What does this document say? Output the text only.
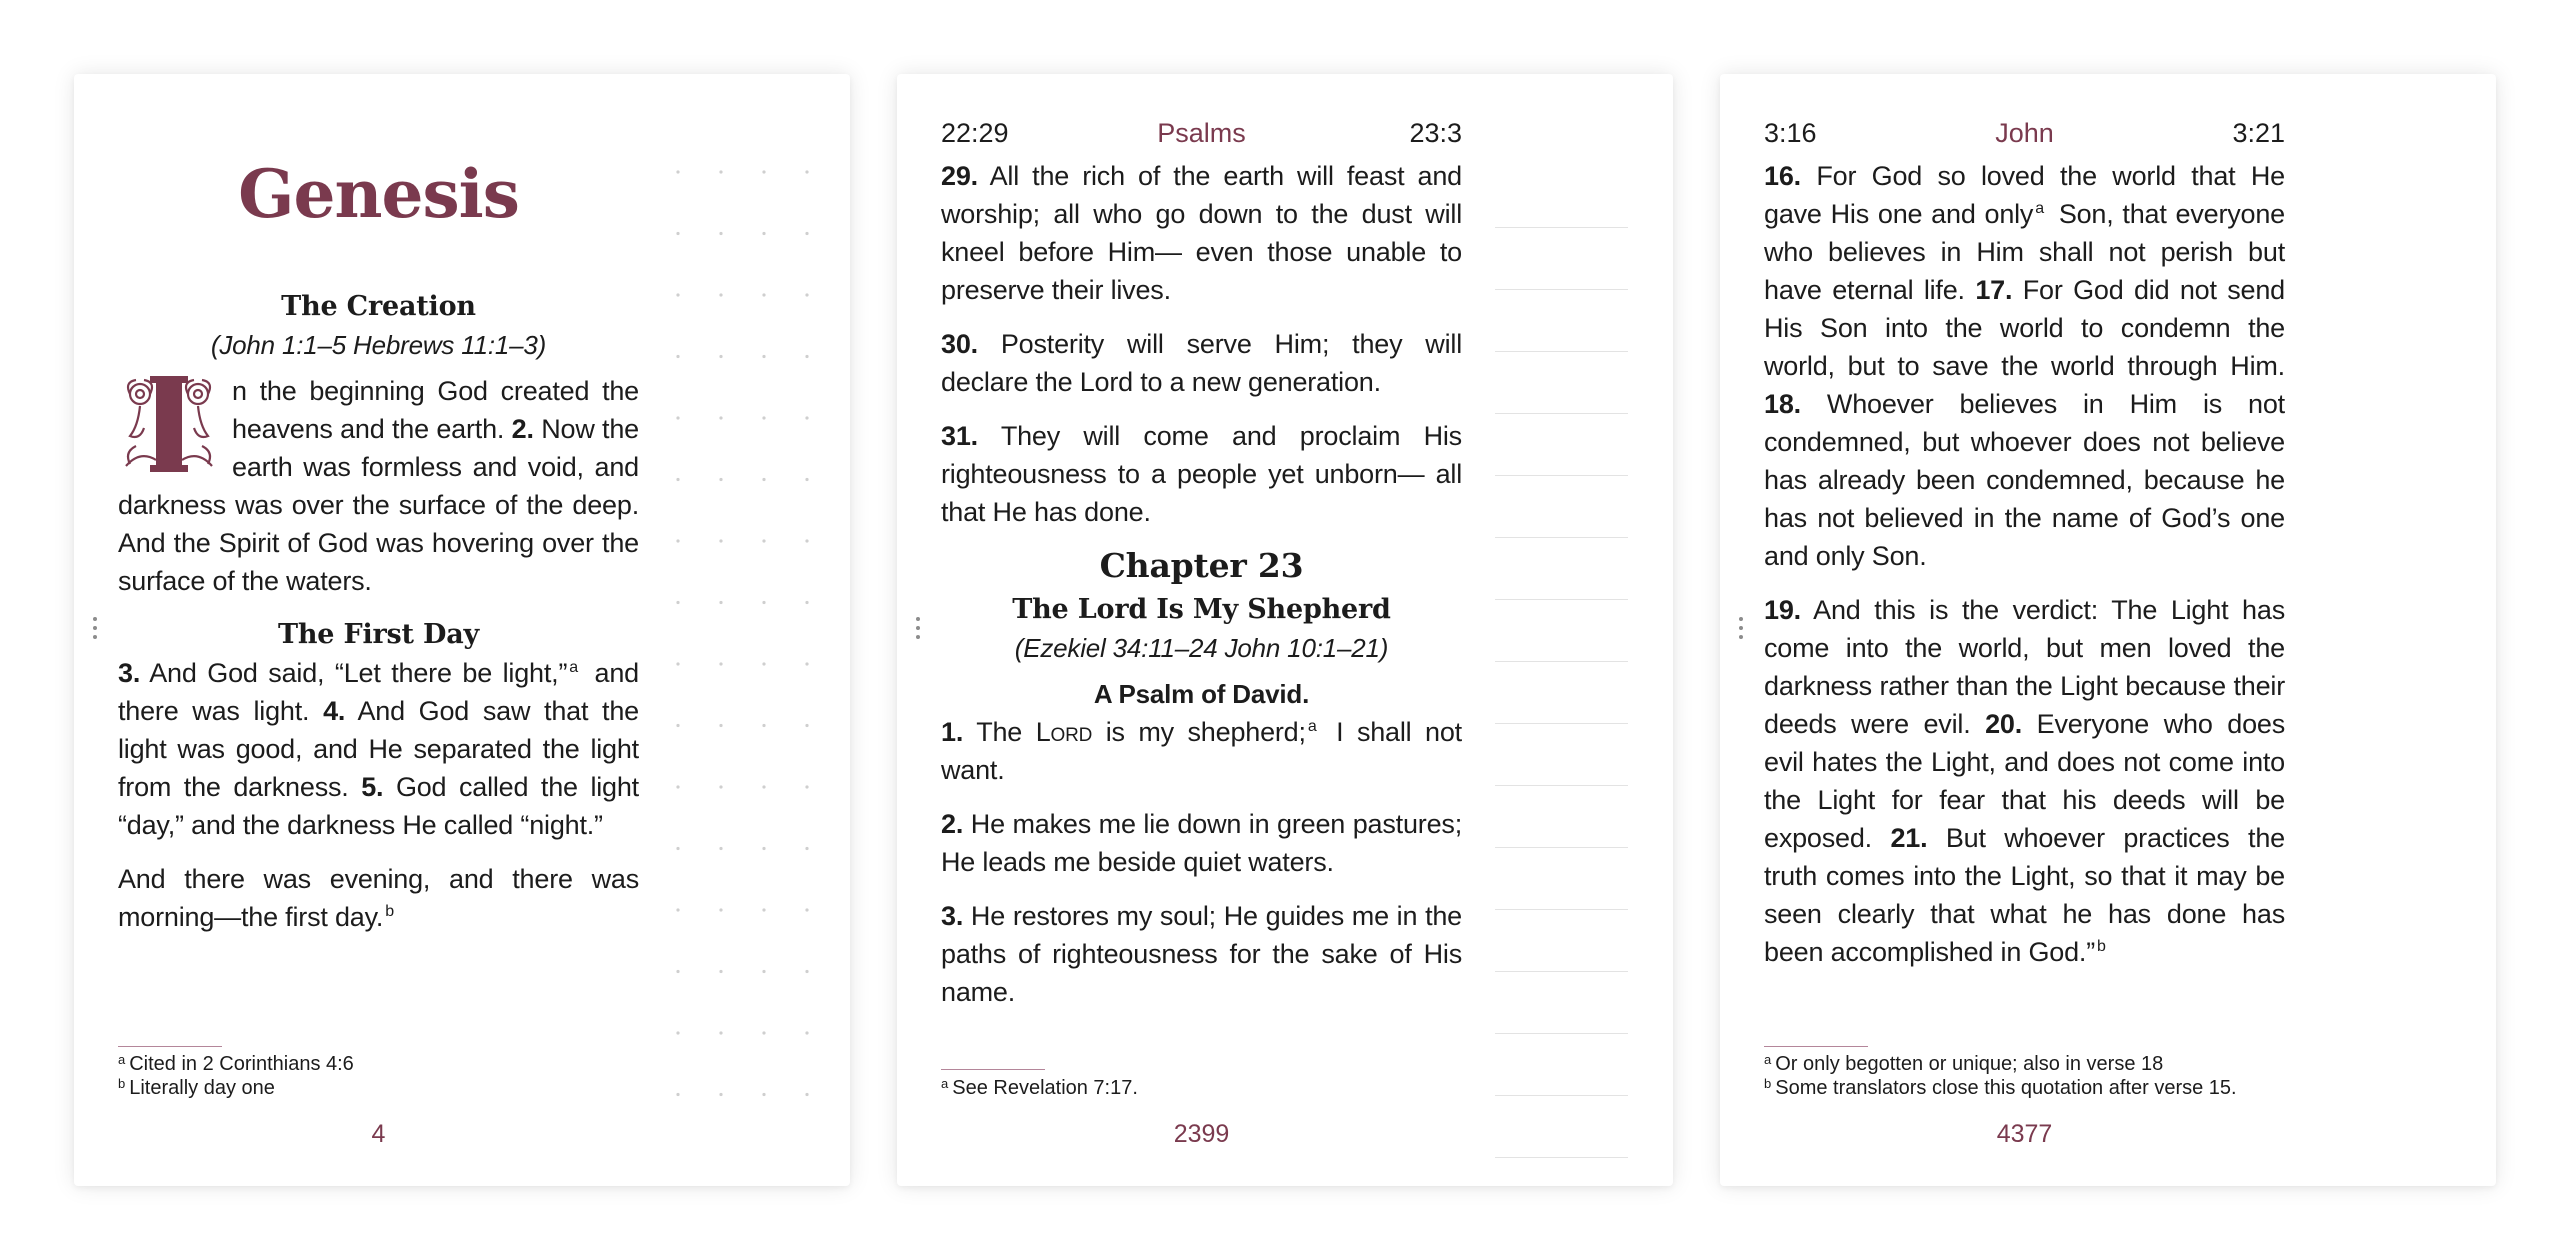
Genesis
The Creation
(John 1:1–5 Hebrews 11:1–3)

n the beginning God created the heavens and the earth. 2. Now the earth was formless and void, and darkness was over the surface of the deep. And the Spirit of God was hovering over the surface of the waters.

The First Day

3. And God said, “Let there be light,” $^a$ and there was light. 4. And God saw that the light was good, and He separated the light from the darkness. 5. God called the light “day,” and the darkness He called “night.”

And there was evening, and there was morning—the first day. $^b$

$^a$ Cited in 2 Corinthians 4:6
$^b$ Literally day one
4
22:29	Psalms	23:3

29. All the rich of the earth will feast and worship; all who go down to the dust will kneel before Him— even those unable to preserve their lives.

30. Posterity will serve Him; they will declare the Lord to a new generation.

31. They will come and proclaim His righteousness to a people yet unborn— all that He has done.

Chapter 23
The Lord Is My Shepherd
(Ezekiel 34:11–24 John 10:1–21)
A Psalm of David.

1. The Lord is my shepherd; $^a$ I shall not want.

2. He makes me lie down in green pastures; He leads me beside quiet waters.

3. He restores my soul; He guides me in the paths of righteousness for the sake of His name.

$^a$ See Revelation 7:17.
2399
3:16	John	3:21

16. For God so loved the world that He gave His one and only $^a$ Son, that everyone who believes in Him shall not perish but have eternal life. 17. For God did not send His Son into the world to condemn the world, but to save the world through Him. 18. Whoever believes in Him is not condemned, but whoever does not believe has already been condemned, because he has not believed in the name of God’s one and only Son.

19. And this is the verdict: The Light has come into the world, but men loved the darkness rather than the Light because their deeds were evil. 20. Everyone who does evil hates the Light, and does not come into the Light for fear that his deeds will be exposed. 21. But whoever practices the truth comes into the Light, so that it may be seen clearly that what he has done has been accomplished in God.” $^b$

$^a$ Or only begotten or unique; also in verse 18
$^b$ Some translators close this quotation after verse 15.
4377
